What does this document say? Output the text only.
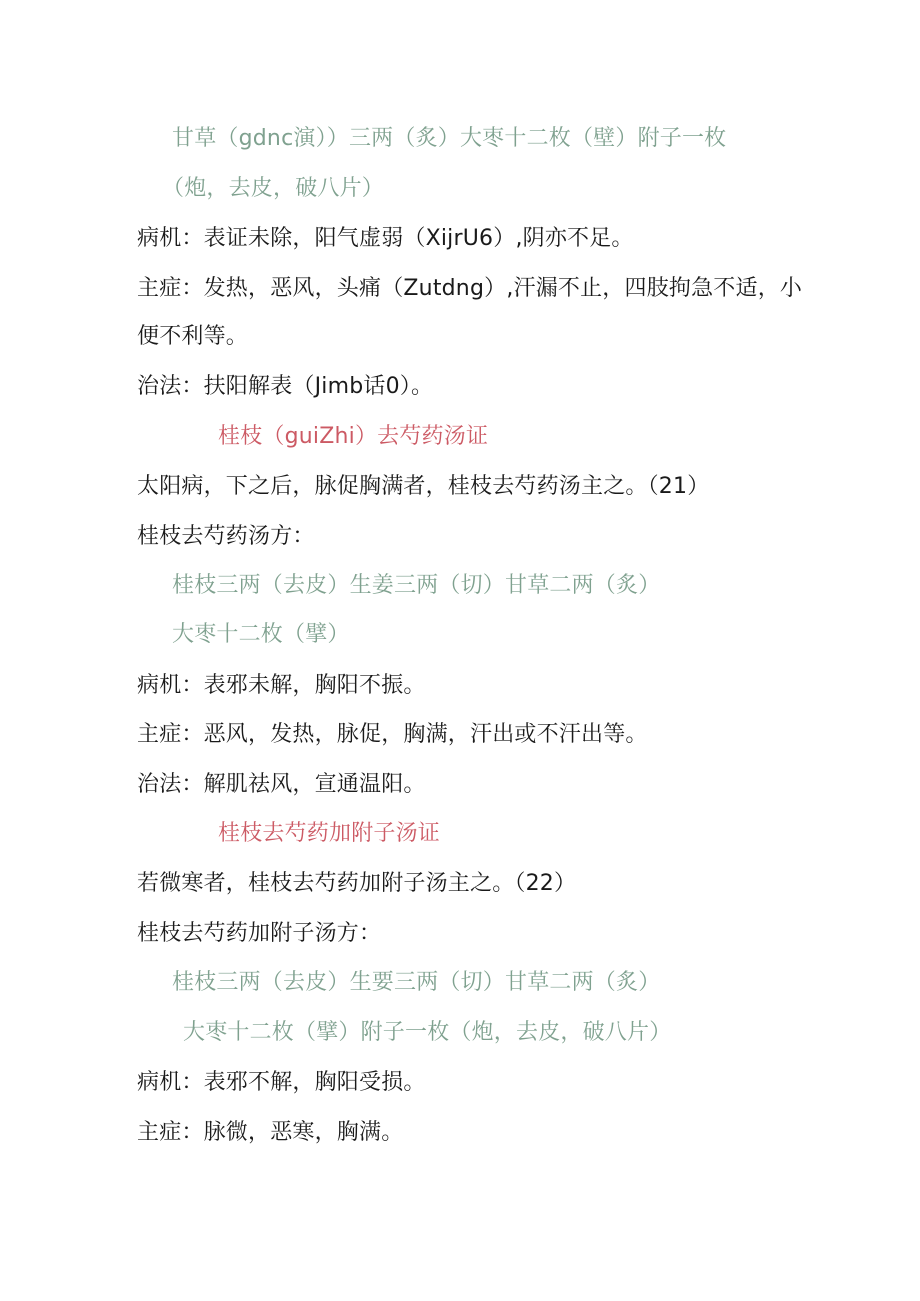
甘草（gdnc演））三两（炙）大枣十二枚（壁）附子一枚
（炮，去皮，破八片）
病机：表证未除，阳气虚弱（XijrU6）,阴亦不足。
主症：发热，恶风，头痛（Zutdng）,汗漏不止，四肢拘急不适，小
便不利等。
治法：扶阳解表（Jimb话0）。
桂枝（guiZhi）去芍药汤证
太阳病，下之后，脉促胸满者，桂枝去芍药汤主之。（21）
桂枝去芍药汤方：
桂枝三两（去皮）生姜三两（切）甘草二两（炙）
大枣十二枚（擘）
病机：表邪未解，胸阳不振。
主症：恶风，发热，脉促，胸满，汗出或不汗出等。
治法：解肌祛风，宣通温阳。
桂枝去芍药加附子汤证
若微寒者，桂枝去芍药加附子汤主之。（22）
桂枝去芍药加附子汤方：
桂枝三两（去皮）生要三两（切）甘草二两（炙）
大枣十二枚（擘）附子一枚（炮，去皮，破八片）
病机：表邪不解，胸阳受损。
主症：脉微，恶寒，胸满。
